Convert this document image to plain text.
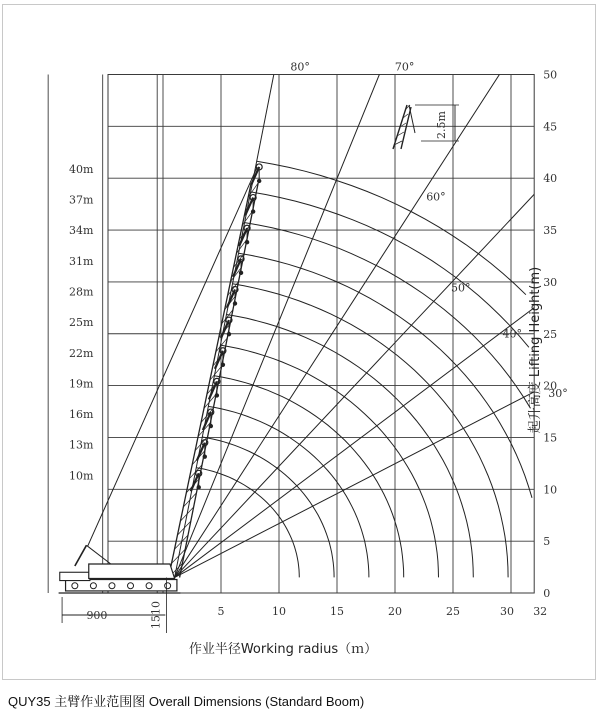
0
5
10
15
20
25
30
35
40
45
50
5	10	15	20	25	30 32
10m
13m
16m
19m
22m
25m
28m
31m
34m
37m
40m
80°	70°
60°
50°
40°
30°
900	1510
2.5m
作业半径Working radius（ｍ）
起升高度 Lifting Height(m)
QUY35 主臂作业范围图 Overall Dimensions (Standard Boom)
